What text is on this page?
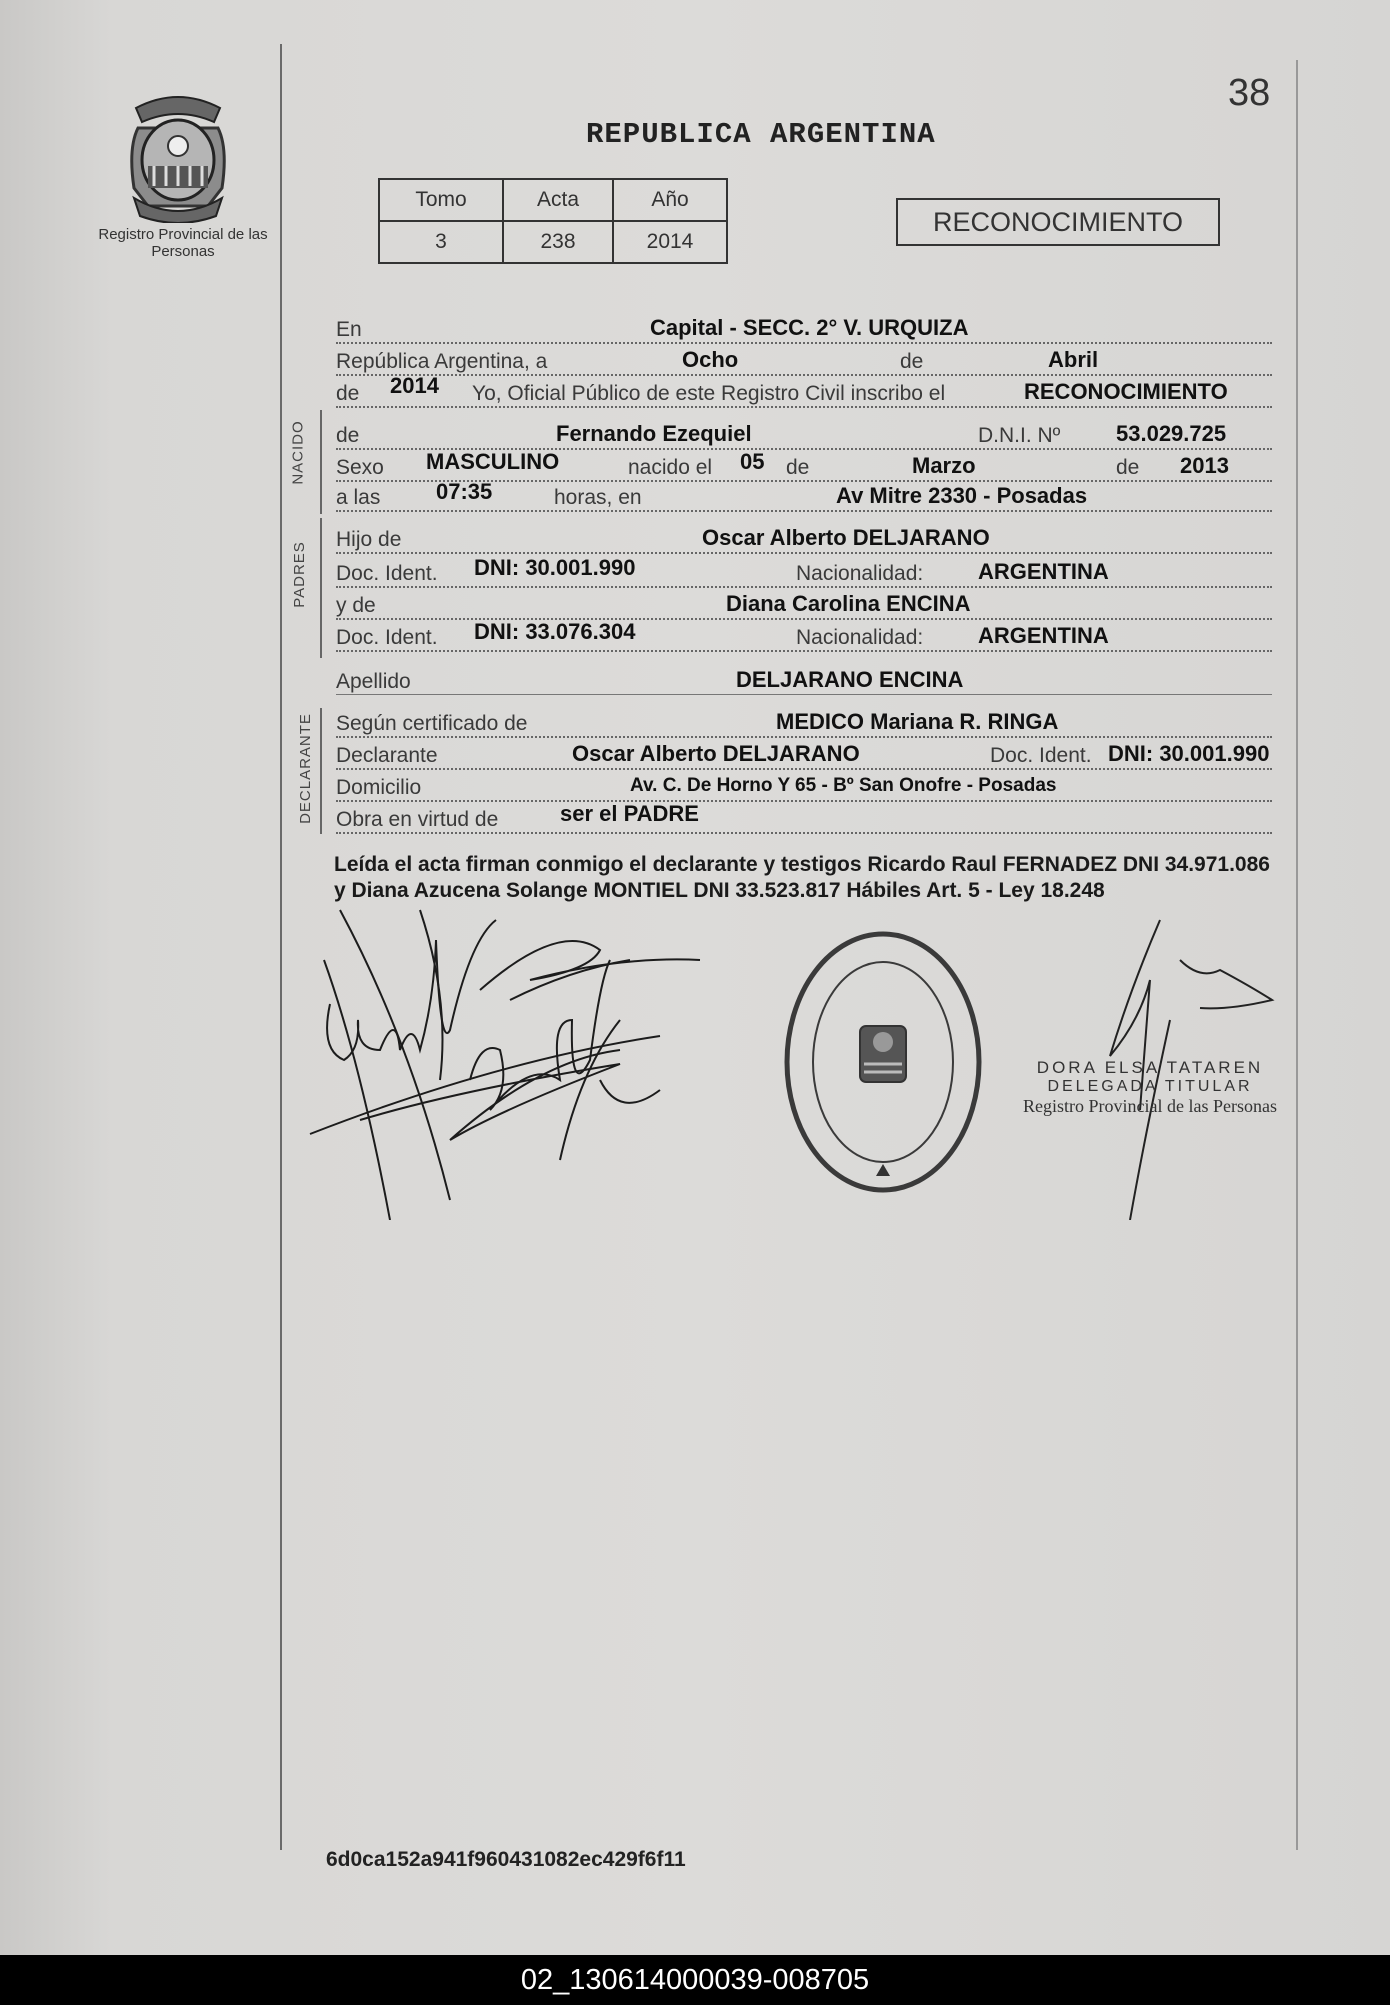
Registro Provincial de las Personas
38
REPUBLICA ARGENTINA
Tomo	Acta	Año
3	238	2014
RECONOCIMIENTO
En	Capital - SECC. 2° V. URQUIZA
República Argentina, a	Ocho	de	Abril
de 2014 Yo, Oficial Público de este Registro Civil inscribo el	RECONOCIMIENTO
NACIDO de	Fernando Ezequiel	D.N.I. Nº	53.029.725
Sexo MASCULINO	nacido el 05 de	Marzo	de 2013
a las	07:35	horas, en	Av Mitre 2330 - Posadas
PADRES
Hijo de	Oscar Alberto DELJARANO
Doc. Ident. DNI: 30.001.990	Nacionalidad: ARGENTINA
y de	Diana Carolina ENCINA
Doc. Ident. DNI: 33.076.304	Nacionalidad: ARGENTINA
Apellido	DELJARANO ENCINA
DECLARANTE Según certificado de	MEDICO Mariana R. RINGA
Declarante	Oscar Alberto DELJARANO	Doc. Ident. DNI: 30.001.990
Domicilio	Av. C. De Horno Y 65 - Bº San Onofre - Posadas
Obra en virtud de	ser el PADRE
Leída el acta firman conmigo el declarante y testigos Ricardo Raul FERNADEZ DNI 34.971.086 y Diana Azucena Solange MONTIEL DNI 33.523.817 Hábiles Art. 5 - Ley 18.248
DORA ELSA TATAREN
DELEGADA TITULAR
Registro Provincial de las Personas
6d0ca152a941f960431082ec429f6f11
02_130614000039-008705
